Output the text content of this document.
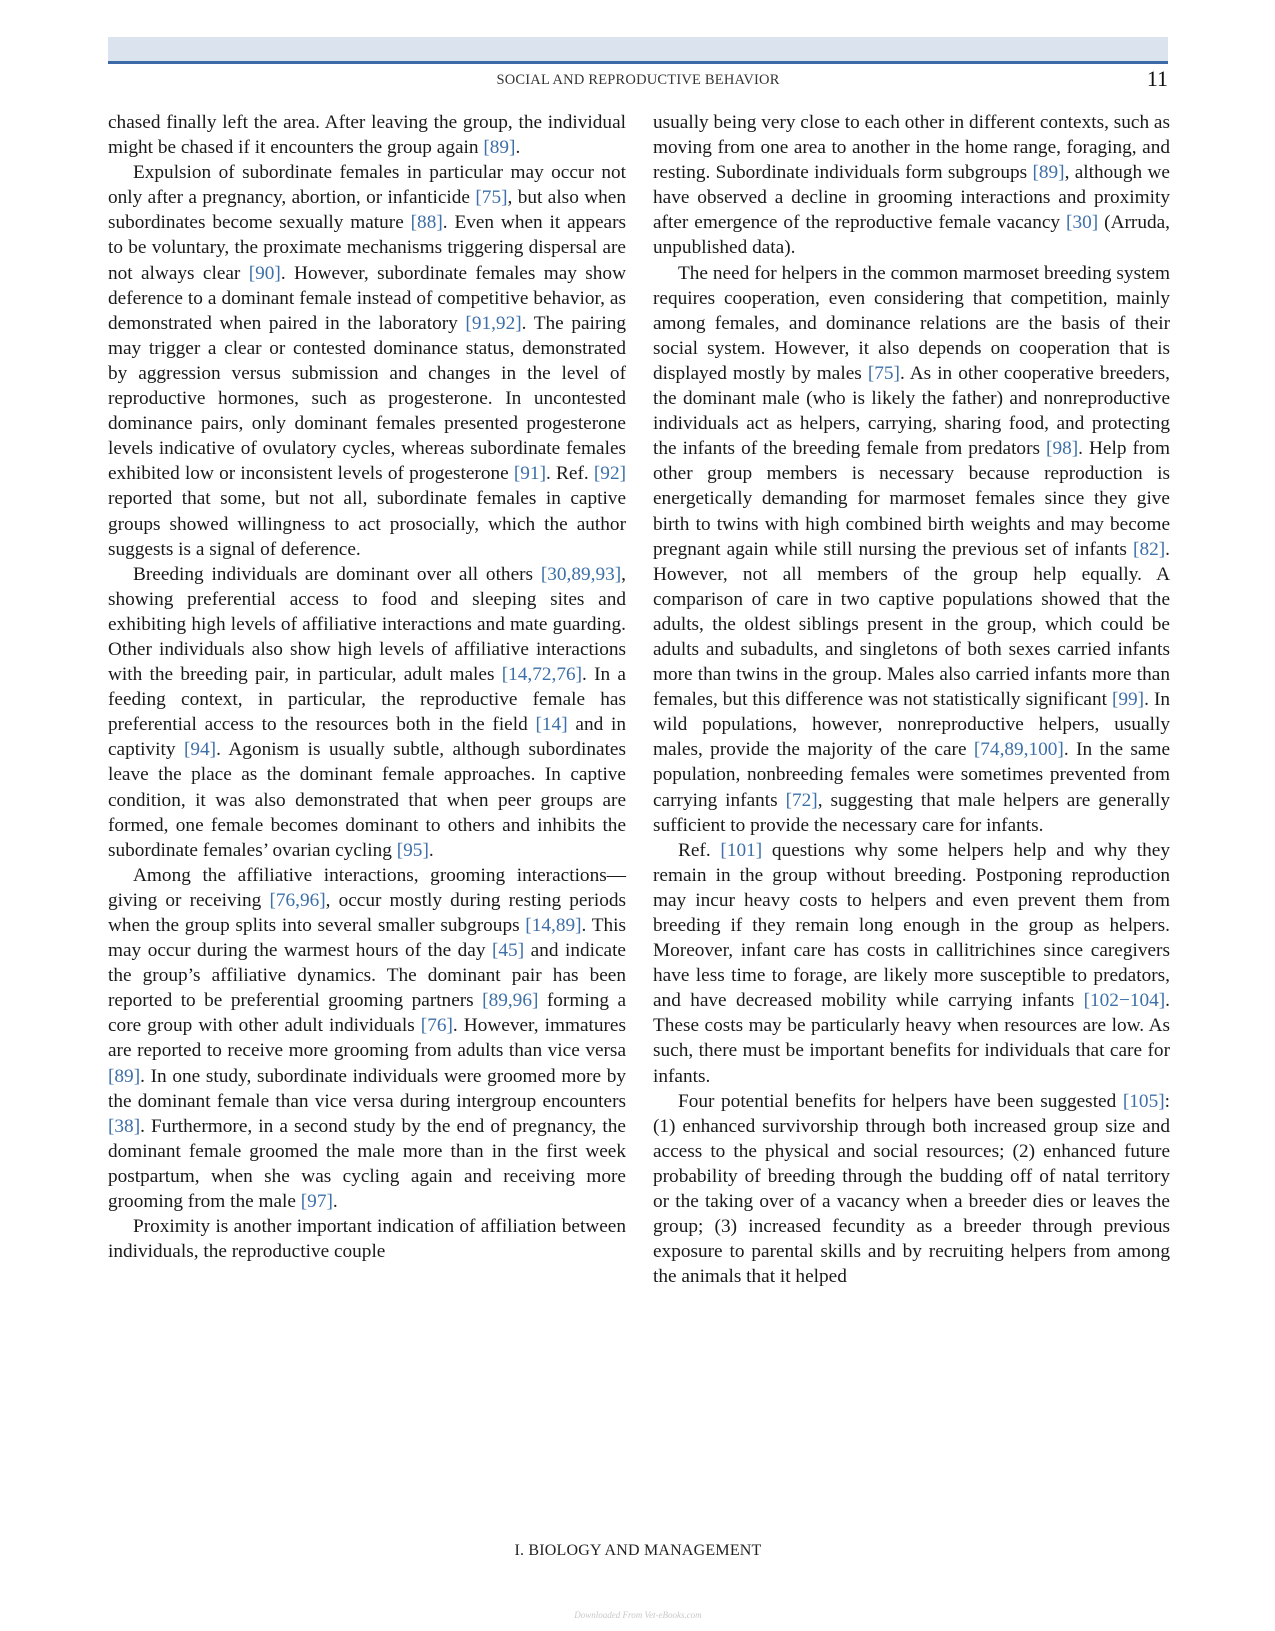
SOCIAL AND REPRODUCTIVE BEHAVIOR	11

chased finally left the area. After leaving the group, the individual might be chased if it encounters the group again [89].

Expulsion of subordinate females in particular may occur not only after a pregnancy, abortion, or infanticide [75], but also when subordinates become sexually mature [88]. Even when it appears to be voluntary, the proximate mechanisms triggering dispersal are not always clear [90]. However, subordinate females may show deference to a dominant female instead of competitive behavior, as demonstrated when paired in the laboratory [91,92]. The pairing may trigger a clear or contested dominance status, demonstrated by aggression versus submission and changes in the level of reproductive hormones, such as progesterone. In uncontested dominance pairs, only dominant females presented progesterone levels indicative of ovulatory cycles, whereas subordinate females exhibited low or inconsistent levels of progesterone [91]. Ref. [92] reported that some, but not all, subordinate females in captive groups showed willingness to act prosocially, which the author suggests is a signal of deference.

Breeding individuals are dominant over all others [30,89,93], showing preferential access to food and sleeping sites and exhibiting high levels of affiliative interactions and mate guarding. Other individuals also show high levels of affiliative interactions with the breeding pair, in particular, adult males [14,72,76]. In a feeding context, in particular, the reproductive female has preferential access to the resources both in the field [14] and in captivity [94]. Agonism is usually subtle, although subordinates leave the place as the dominant female approaches. In captive condition, it was also demonstrated that when peer groups are formed, one female becomes dominant to others and inhibits the subordinate females’ ovarian cycling [95].

Among the affiliative interactions, grooming interactions—giving or receiving [76,96], occur mostly during resting periods when the group splits into several smaller subgroups [14,89]. This may occur during the warmest hours of the day [45] and indicate the group’s affiliative dynamics. The dominant pair has been reported to be preferential grooming partners [89,96] forming a core group with other adult individuals [76]. However, immatures are reported to receive more grooming from adults than vice versa [89]. In one study, subordinate individuals were groomed more by the dominant female than vice versa during intergroup encounters [38]. Furthermore, in a second study by the end of pregnancy, the dominant female groomed the male more than in the first week postpartum, when she was cycling again and receiving more grooming from the male [97].

Proximity is another important indication of affiliation between individuals, the reproductive couple

usually being very close to each other in different contexts, such as moving from one area to another in the home range, foraging, and resting. Subordinate individuals form subgroups [89], although we have observed a decline in grooming interactions and proximity after emergence of the reproductive female vacancy [30] (Arruda, unpublished data).

The need for helpers in the common marmoset breeding system requires cooperation, even considering that competition, mainly among females, and dominance relations are the basis of their social system. However, it also depends on cooperation that is displayed mostly by males [75]. As in other cooperative breeders, the dominant male (who is likely the father) and nonreproductive individuals act as helpers, carrying, sharing food, and protecting the infants of the breeding female from predators [98]. Help from other group members is necessary because reproduction is energetically demanding for marmoset females since they give birth to twins with high combined birth weights and may become pregnant again while still nursing the previous set of infants [82]. However, not all members of the group help equally. A comparison of care in two captive populations showed that the adults, the oldest siblings present in the group, which could be adults and subadults, and singletons of both sexes carried infants more than twins in the group. Males also carried infants more than females, but this difference was not statistically significant [99]. In wild populations, however, nonreproductive helpers, usually males, provide the majority of the care [74,89,100]. In the same population, nonbreeding females were sometimes prevented from carrying infants [72], suggesting that male helpers are generally sufficient to provide the necessary care for infants.

Ref. [101] questions why some helpers help and why they remain in the group without breeding. Postponing reproduction may incur heavy costs to helpers and even prevent them from breeding if they remain long enough in the group as helpers. Moreover, infant care has costs in callitrichines since caregivers have less time to forage, are likely more susceptible to predators, and have decreased mobility while carrying infants [102−104]. These costs may be particularly heavy when resources are low. As such, there must be important benefits for individuals that care for infants.

Four potential benefits for helpers have been suggested [105]: (1) enhanced survivorship through both increased group size and access to the physical and social resources; (2) enhanced future probability of breeding through the budding off of natal territory or the taking over of a vacancy when a breeder dies or leaves the group; (3) increased fecundity as a breeder through previous exposure to parental skills and by recruiting helpers from among the animals that it helped

I. BIOLOGY AND MANAGEMENT
Downloaded From Vet-eBooks.com
